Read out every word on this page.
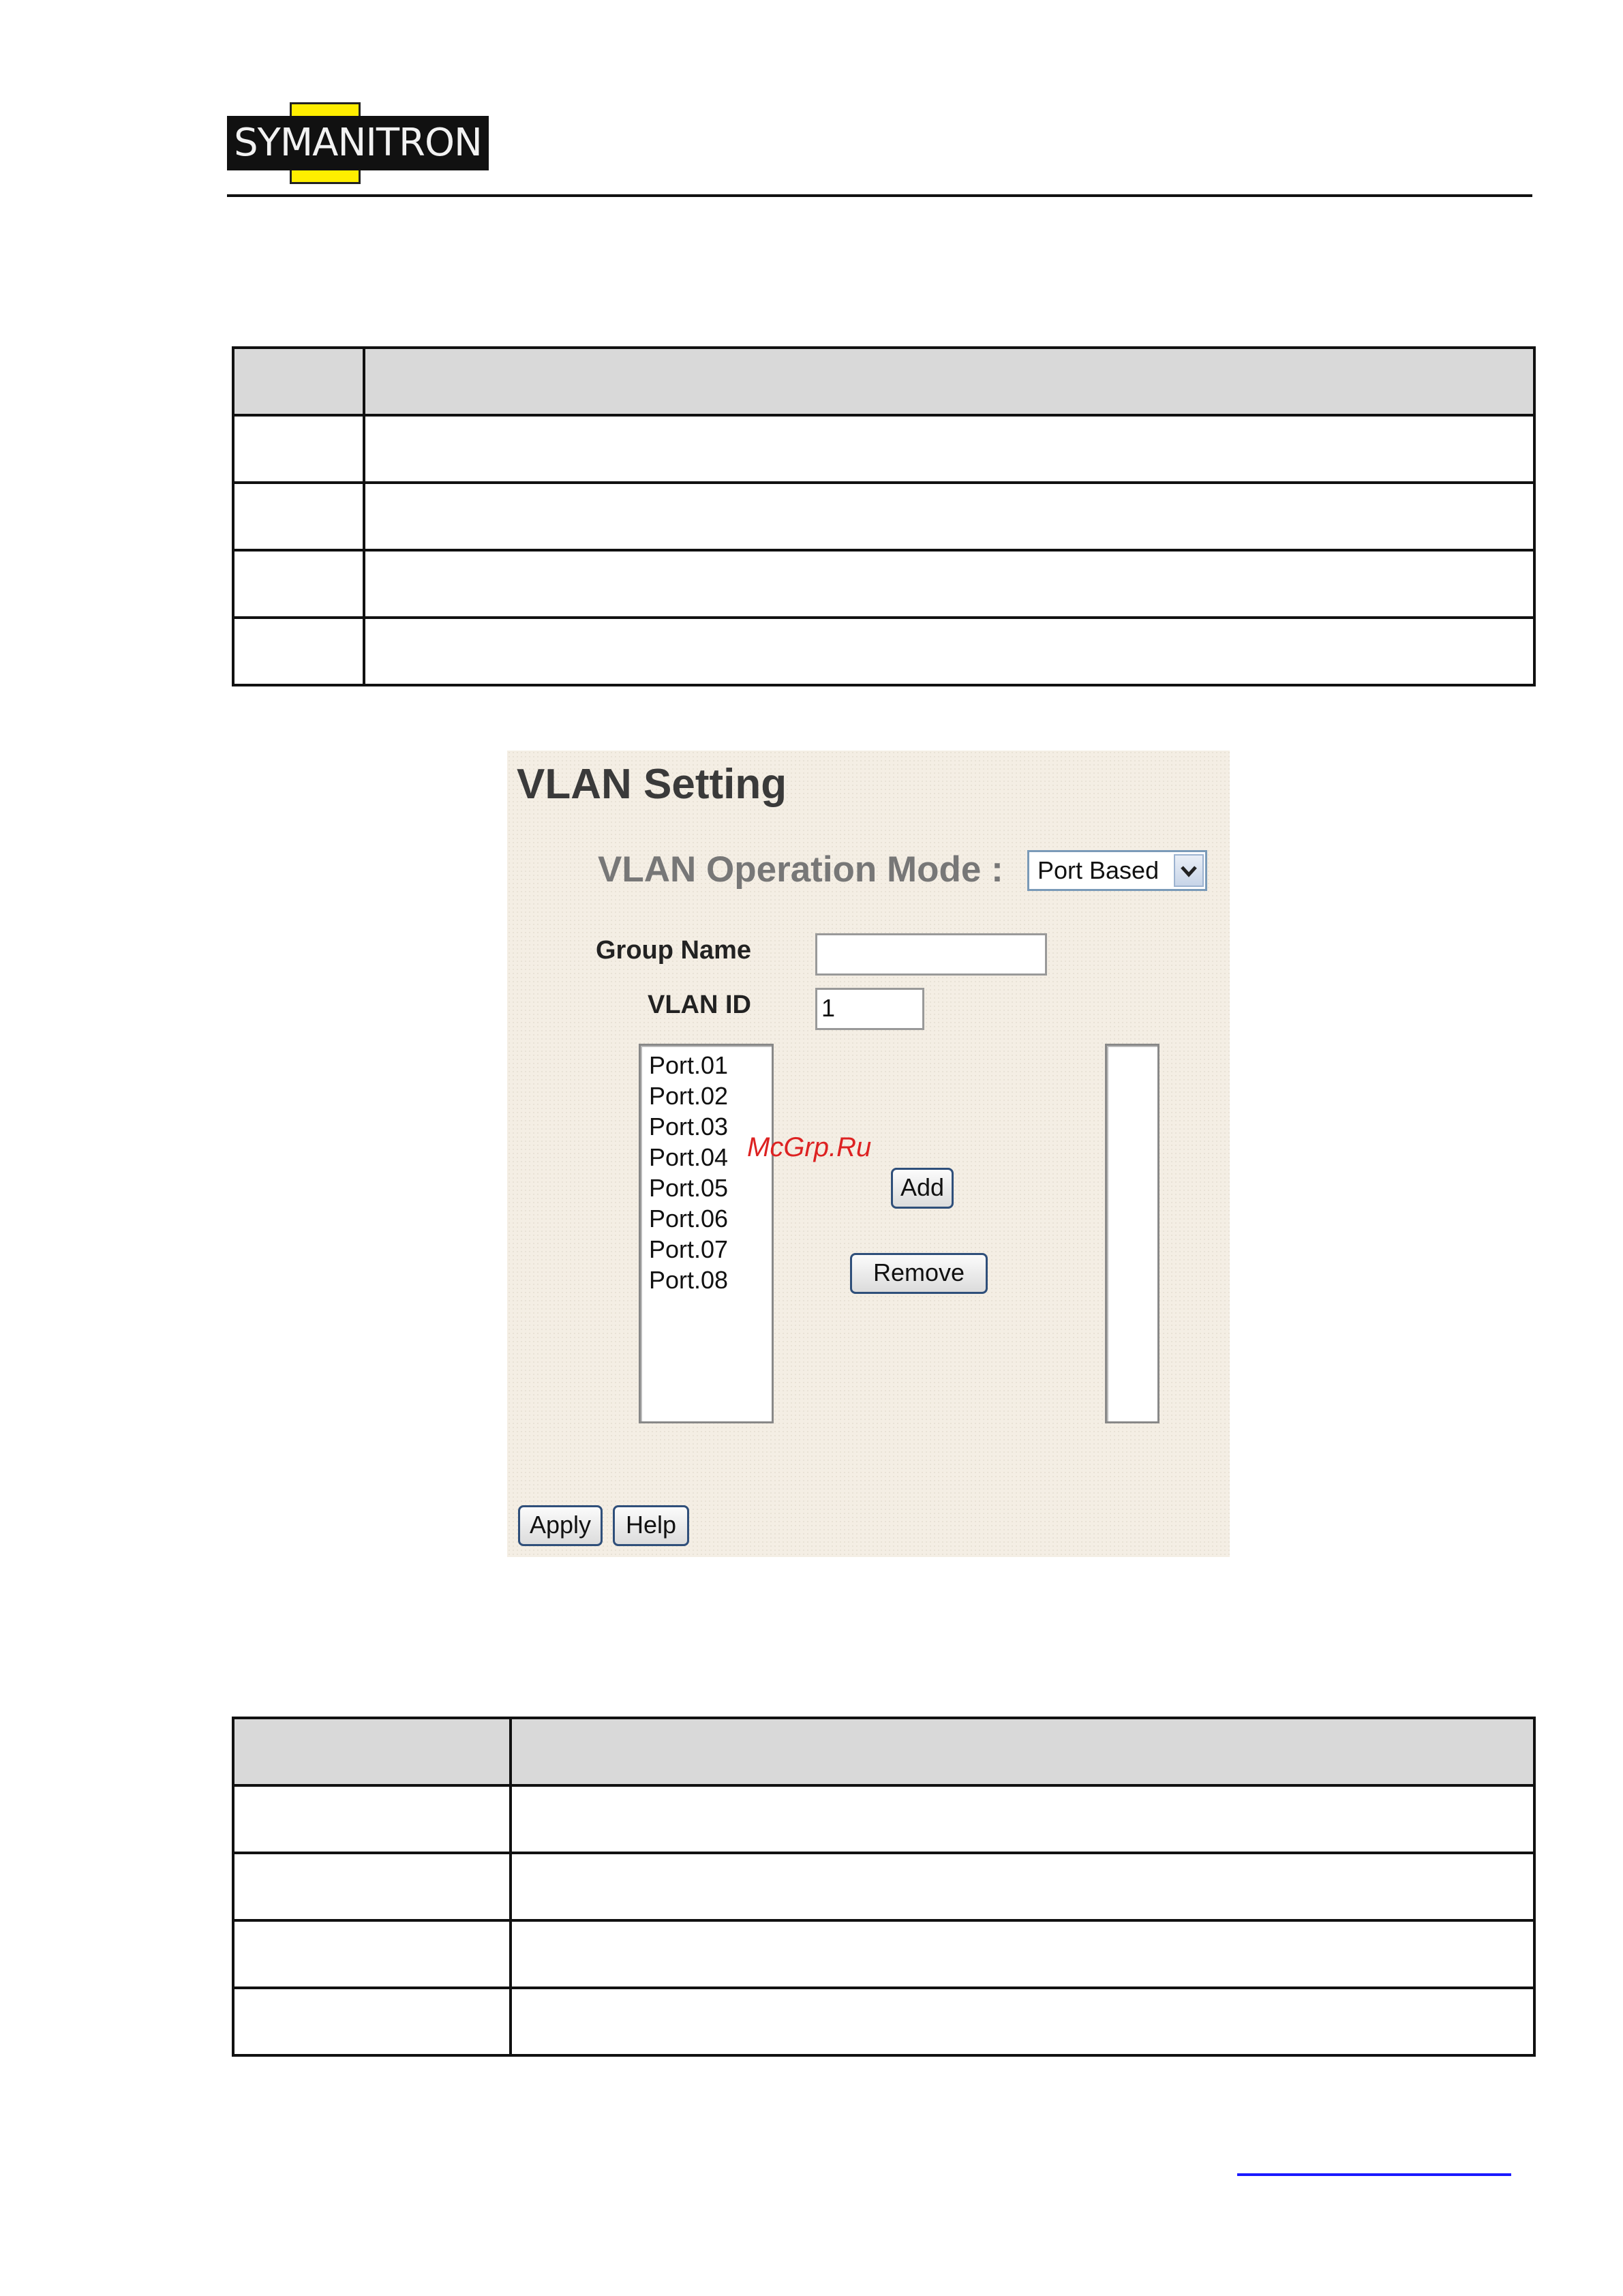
SYMANITRON

VLAN Setting
VLAN Operation Mode : Port Based
Group Name
VLAN ID	1
Port.01
Port.02
Port.03
Port.04
Port.05
Port.06
Port.07
Port.08
McGrp.Ru
Add
Remove
Apply	Help
